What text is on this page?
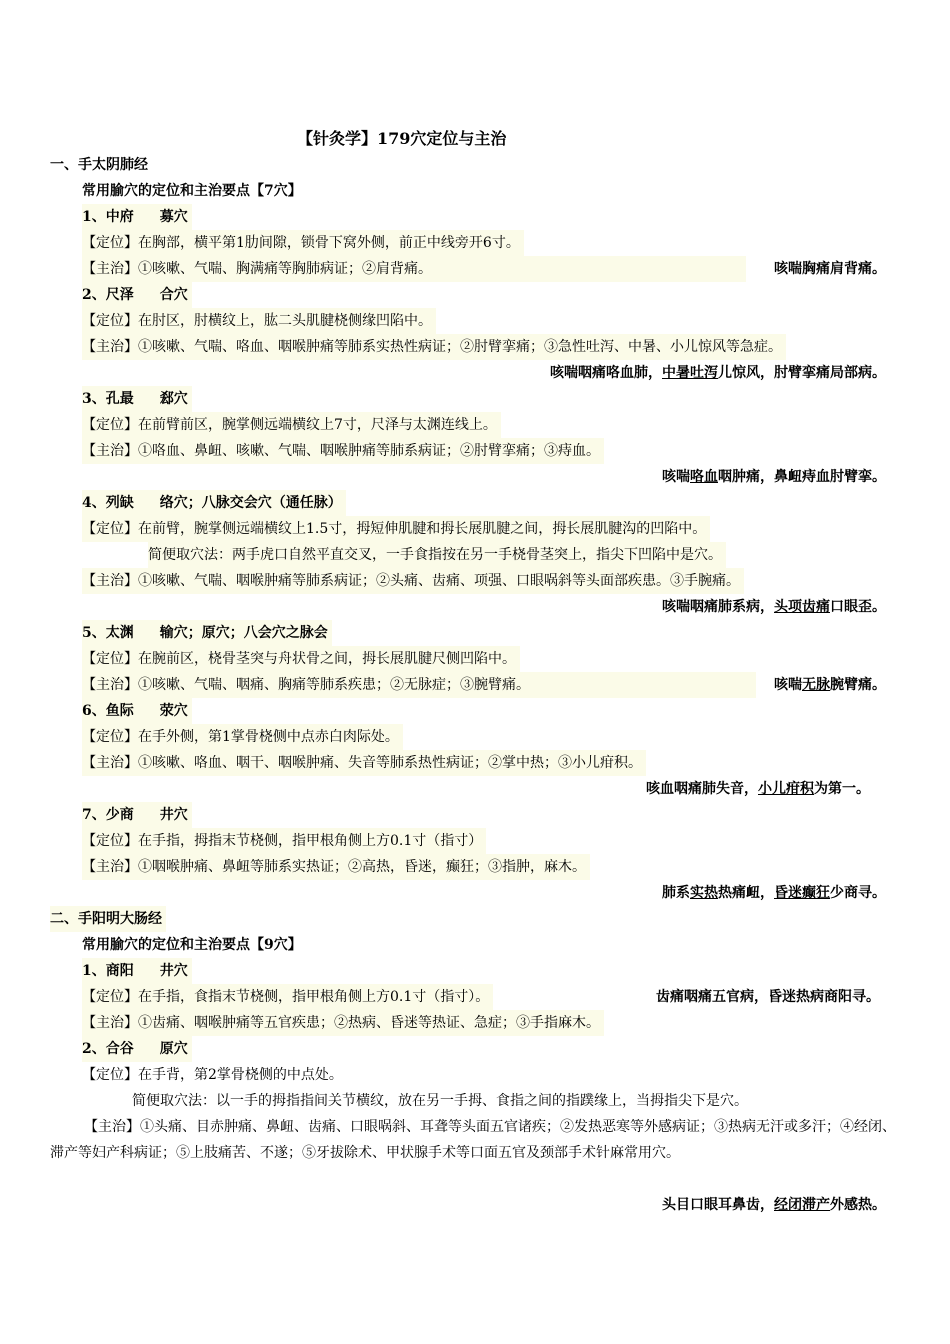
【针灸学】179穴定位与主治
一、手太阴肺经
常用腧穴的定位和主治要点【7穴】
1、中府 募穴
【定位】在胸部，横平第1肋间隙，锁骨下窝外侧，前正中线旁开6寸。
【主治】①咳嗽、气喘、胸满痛等胸肺病证；②肩背痛。	咳喘胸痛肩背痛。
2、尺泽 合穴
【定位】在肘区，肘横纹上，肱二头肌腱桡侧缘凹陷中。
【主治】①咳嗽、气喘、咯血、咽喉肿痛等肺系实热性病证；②肘臂挛痛；③急性吐泻、中暑、小儿惊风等急症。
咳喘咽痛咯血肺，中暑吐泻儿惊风，肘臂挛痛局部病。
3、孔最 郄穴
【定位】在前臂前区，腕掌侧远端横纹上7寸，尺泽与太渊连线上。
【主治】①咯血、鼻衄、咳嗽、气喘、咽喉肿痛等肺系病证；②肘臂挛痛；③痔血。
咳喘咯血咽肿痛，鼻衄痔血肘臂挛。
4、列缺 络穴；八脉交会穴（通任脉）
【定位】在前臂，腕掌侧远端横纹上1.5寸，拇短伸肌腱和拇长展肌腱之间，拇长展肌腱沟的凹陷中。
简便取穴法：两手虎口自然平直交叉，一手食指按在另一手桡骨茎突上，指尖下凹陷中是穴。
【主治】①咳嗽、气喘、咽喉肿痛等肺系病证；②头痛、齿痛、项强、口眼㖞斜等头面部疾患。③手腕痛。
咳喘咽痛肺系病，头项齿痛口眼歪。
5、太渊 输穴；原穴；八会穴之脉会
【定位】在腕前区，桡骨茎突与舟状骨之间，拇长展肌腱尺侧凹陷中。
【主治】①咳嗽、气喘、咽痛、胸痛等肺系疾患；②无脉症；③腕臂痛。	咳喘无脉腕臂痛。
6、鱼际 荥穴
【定位】在手外侧，第1掌骨桡侧中点赤白肉际处。
【主治】①咳嗽、咯血、咽干、咽喉肿痛、失音等肺系热性病证；②掌中热；③小儿疳积。
咳血咽痛肺失音，小儿疳积为第一。
7、少商 井穴
【定位】在手指，拇指末节桡侧，指甲根角侧上方0.1寸（指寸）
【主治】①咽喉肿痛、鼻衄等肺系实热证；②高热，昏迷，癫狂；③指肿，麻木。
肺系实热热痛衄，昏迷癫狂少商寻。
二、手阳明大肠经
常用腧穴的定位和主治要点【9穴】
1、商阳 井穴
【定位】在手指，食指末节桡侧，指甲根角侧上方0.1寸（指寸）。	齿痛咽痛五官病，昏迷热病商阳寻。
【主治】①齿痛、咽喉肿痛等五官疾患；②热病、昏迷等热证、急症；③手指麻木。
2、合谷 原穴
【定位】在手背，第2掌骨桡侧的中点处。
简便取穴法：以一手的拇指指间关节横纹，放在另一手拇、食指之间的指蹼缘上，当拇指尖下是穴。
【主治】①头痛、目赤肿痛、鼻衄、齿痛、口眼㖞斜、耳聋等头面五官诸疾；②发热恶寒等外感病证；③热病无汗或多汗；④经闭、滞产等妇产科病证；⑤上肢痛苦、不遂；⑤牙拔除术、甲状腺手术等口面五官及颈部手术针麻常用穴。
头目口眼耳鼻齿，经闭滞产外感热。
